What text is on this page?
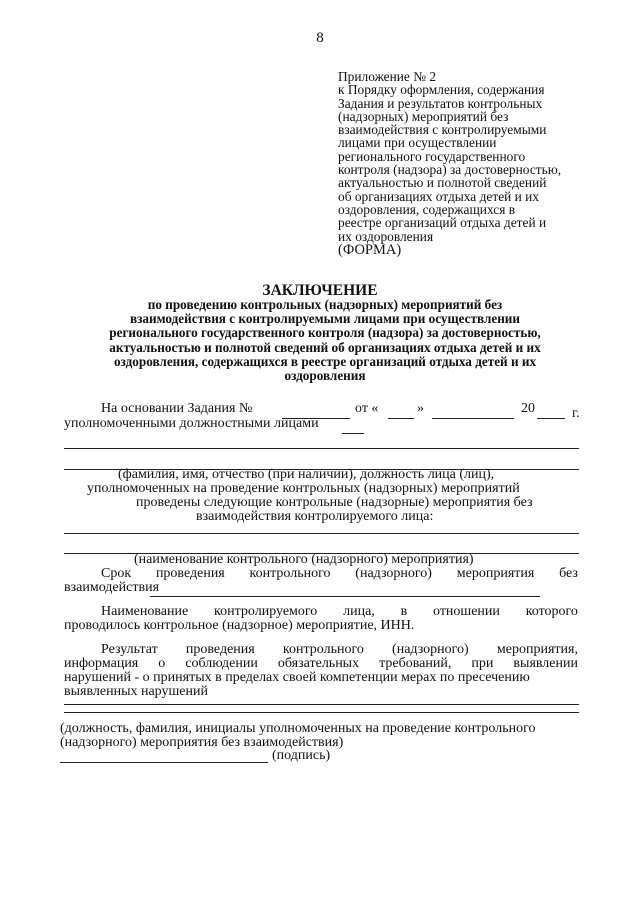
8
Приложение № 2
к Порядку оформления, содержания
Задания и результатов контрольных
(надзорных) мероприятий без
взаимодействия с контролируемыми
лицами при осуществлении
регионального государственного
контроля (надзора) за достоверностью,
актуальностью и полнотой сведений
об организациях отдыха детей и их
оздоровления, содержащихся в
реестре организаций отдыха детей и
их оздоровления
(ФОРМА)
ЗАКЛЮЧЕНИЕ
по проведению контрольных (надзорных) мероприятий без
взаимодействия с контролируемыми лицами при осуществлении
регионального государственного контроля (надзора) за достоверностью,
актуальностью и полнотой сведений об организациях отдыха детей и их
оздоровления, содержащихся в реестре организаций отдыха детей и их
оздоровления
На основании Задания №	от «	»	20	г.
уполномоченными должностными лицами
(фамилия, имя, отчество (при наличии), должность лица (лиц),
уполномоченных на проведение контрольных (надзорных) мероприятий
проведены следующие контрольные (надзорные) мероприятия без
взаимодействия контролируемого лица:
(наименование контрольного (надзорного) мероприятия)
Срок проведения контрольного (надзорного) мероприятия без
взаимодействия
Наименование контролируемого лица, в отношении которого
проводилось контрольное (надзорное) мероприятие, ИНН.
Результат проведения контрольного (надзорного) мероприятия,
информация о соблюдении обязательных требований, при выявлении
нарушений - о принятых в пределах своей компетенции мерах по пресечению
выявленных нарушений
(должность, фамилия, инициалы уполномоченных на проведение контрольного
(надзорного) мероприятия без взаимодействия)
(подпись)
